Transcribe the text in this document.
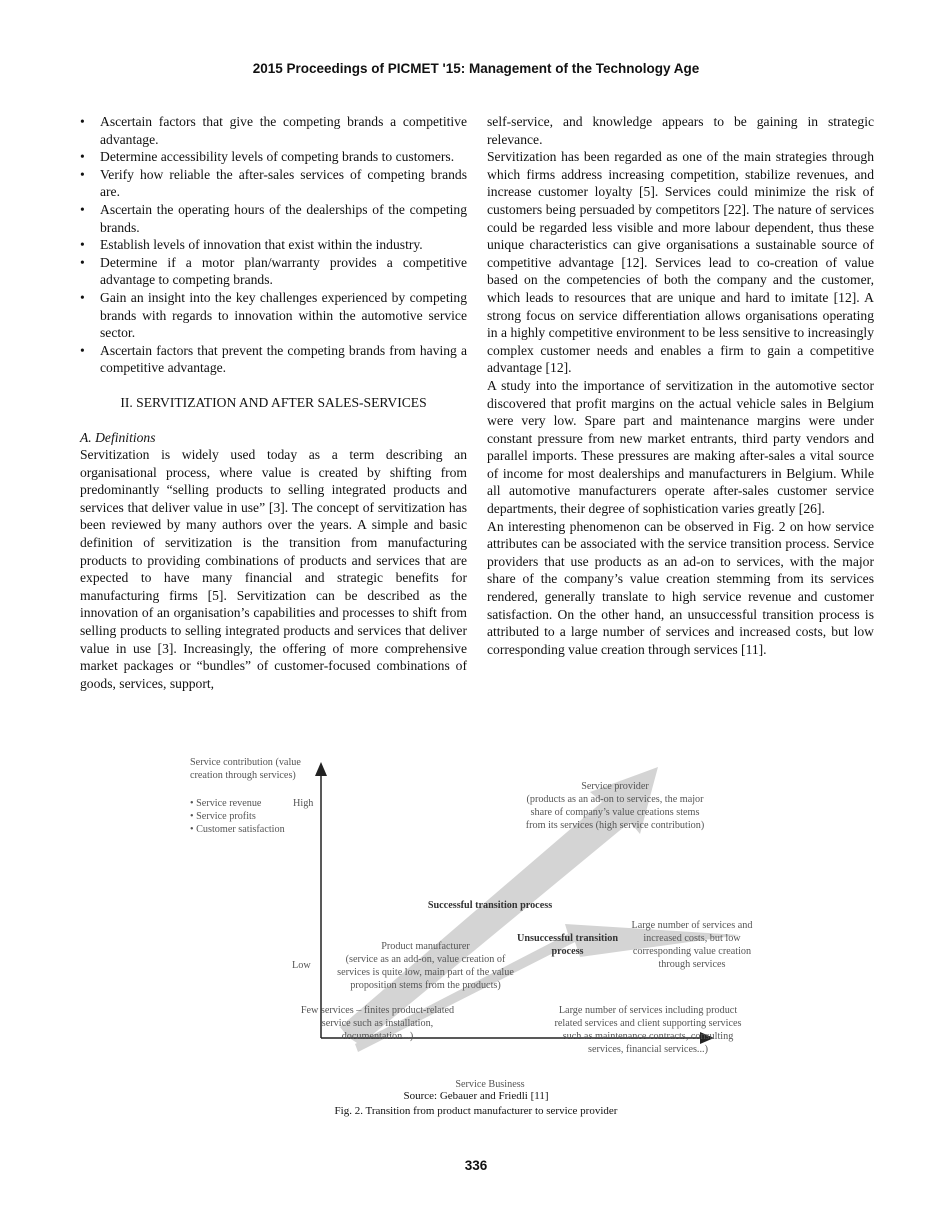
2015 Proceedings of PICMET '15: Management of the Technology Age
• Ascertain factors that give the competing brands a competitive advantage.
• Determine accessibility levels of competing brands to customers.
• Verify how reliable the after-sales services of competing brands are.
• Ascertain the operating hours of the dealerships of the competing brands.
• Establish levels of innovation that exist within the industry.
• Determine if a motor plan/warranty provides a competitive advantage to competing brands.
• Gain an insight into the key challenges experienced by competing brands with regards to innovation within the automotive service sector.
• Ascertain factors that prevent the competing brands from having a competitive advantage.
II. SERVITIZATION AND AFTER SALES-SERVICES
A. Definitions

Servitization is widely used today as a term describing an organisational process, where value is created by shifting from predominantly “selling products to selling integrated products and services that deliver value in use” [3]. The concept of servitization has been reviewed by many authors over the years. A simple and basic definition of servitization is the transition from manufacturing products to providing combinations of products and services that are expected to have many financial and strategic benefits for manufacturing firms [5]. Servitization can be described as the innovation of an organisation’s capabilities and processes to shift from selling products to selling integrated products and services that deliver value in use [3]. Increasingly, the offering of more comprehensive market packages or “bundles” of customer-focused combinations of goods, services, support,

self-service, and knowledge appears to be gaining in strategic relevance.

Servitization has been regarded as one of the main strategies through which firms address increasing competition, stabilize revenues, and increase customer loyalty [5]. Services could minimize the risk of customers being persuaded by competitors [22]. The nature of services could be regarded less visible and more labour dependent, thus these unique characteristics can give organisations a sustainable source of competitive advantage [12]. Services lead to co-creation of value based on the competencies of both the company and the customer, which leads to resources that are unique and hard to imitate [12]. A strong focus on service differentiation allows organisations operating in a highly competitive environment to be less sensitive to increasingly complex customer needs and enables a firm to gain a competitive advantage [12].

A study into the importance of servitization in the automotive sector discovered that profit margins on the actual vehicle sales in Belgium were very low. Spare part and maintenance margins were under constant pressure from new market entrants, third party vendors and parallel imports. These pressures are making after-sales a vital source of income for most dealerships and manufacturers in Belgium. While all automotive manufacturers operate after-sales customer service departments, their degree of sophistication varies greatly [26].

An interesting phenomenon can be observed in Fig. 2 on how service attributes can be associated with the service transition process. Service providers that use products as an ad-on to services, with the major share of the company’s value creation stemming from its services rendered, generally translate to high service revenue and customer satisfaction. On the other hand, an unsuccessful transition process is attributed to a large number of services and increased costs, but low corresponding value creation through services [11].

Service contribution (value creation through services)
• Service revenue
• Service profits
• Customer satisfaction
High
Low
Service provider
(products as an ad-on to services, the major share of company’s value creations stems from its services (high service contribution)
Successful transition process
Unsuccessful transition process
Large number of services and increased costs, but low corresponding value creation through services
Product manufacturer
(service as an add-on, value creation of services is quite low, main part of the value proposition stems from the products)
Few services – finites product-related service such as installation, documentation...)
Large number of services including product related services and client supporting services such as maintenance contracts, consulting services, financial services...)
Service Business
Source: Gebauer and Friedli [11]
Fig. 2. Transition from product manufacturer to service provider
336
